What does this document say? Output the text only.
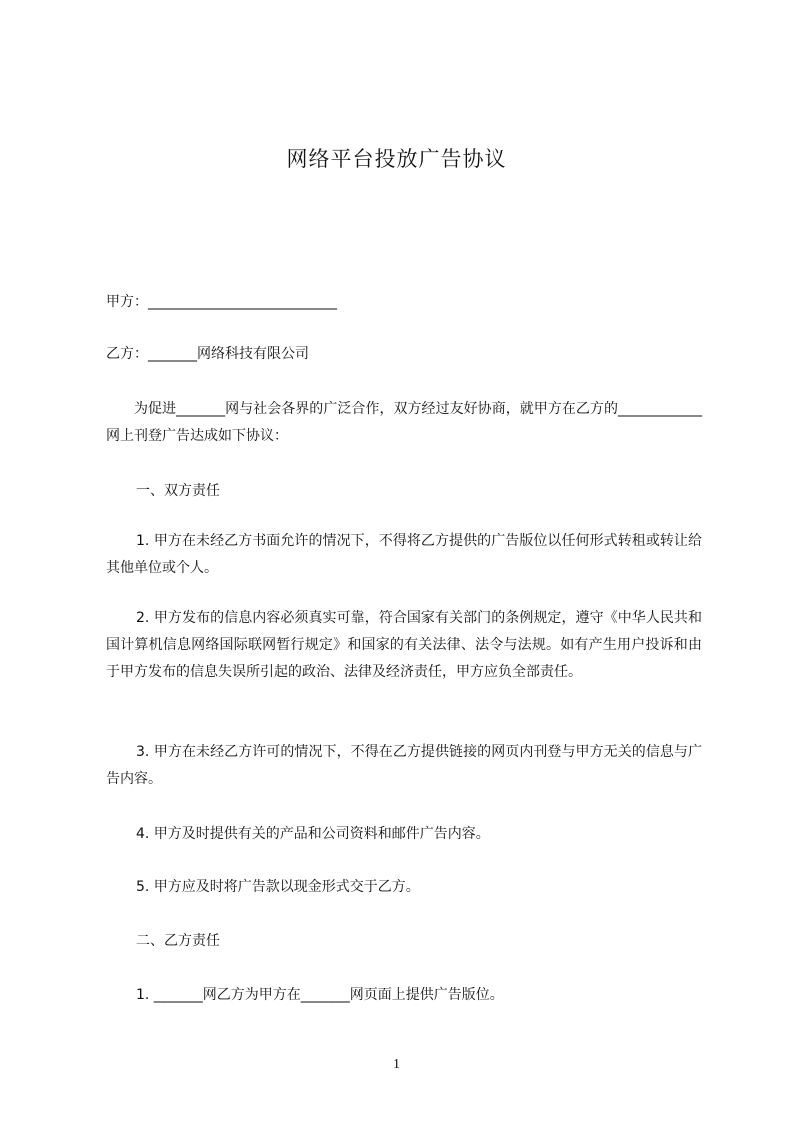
网络平台投放广告协议
甲方：___________________________
乙方：_______网络科技有限公司
为促进_______网与社会各界的广泛合作，双方经过友好协商，就甲方在乙方的____________网上刊登广告达成如下协议：
一、双方责任
1. 甲方在未经乙方书面允许的情况下，不得将乙方提供的广告版位以任何形式转租或转让给其他单位或个人。
2. 甲方发布的信息内容必须真实可靠，符合国家有关部门的条例规定，遵守《中华人民共和国计算机信息网络国际联网暂行规定》和国家的有关法律、法令与法规。如有产生用户投诉和由于甲方发布的信息失误所引起的政治、法律及经济责任，甲方应负全部责任。
3. 甲方在未经乙方许可的情况下，不得在乙方提供链接的网页内刊登与甲方无关的信息与广告内容。
4. 甲方及时提供有关的产品和公司资料和邮件广告内容。
5. 甲方应及时将广告款以现金形式交于乙方。
二、乙方责任
1. _______网乙方为甲方在_______网页面上提供广告版位。
1
